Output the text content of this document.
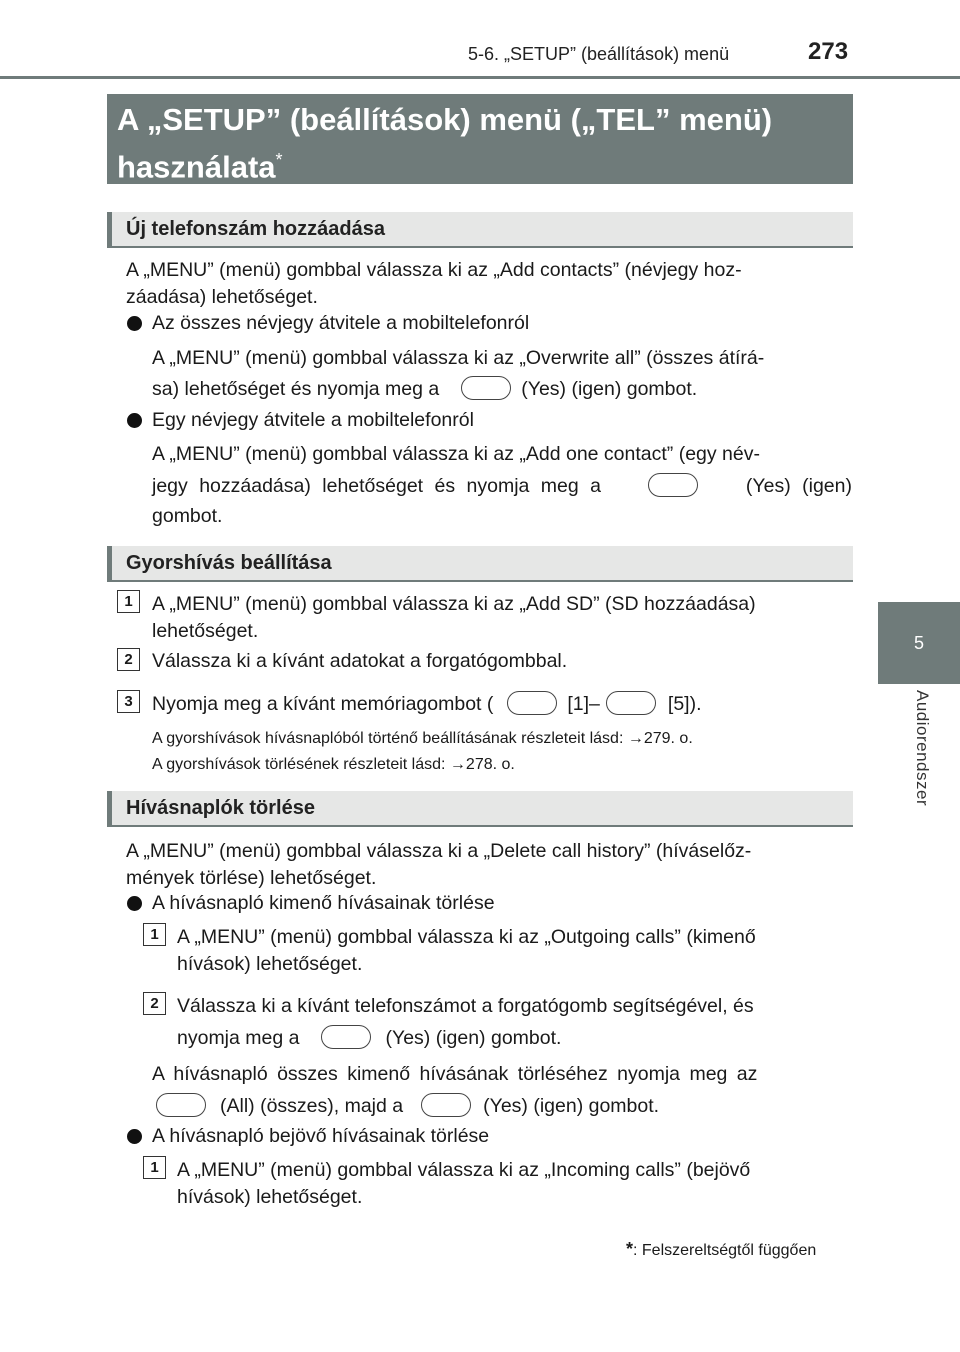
5-6. „SETUP” (beállítások) menü	273
5
Audiorendszer
A „SETUP” (beállítások) menü („TEL” menü) használata*
Új telefonszám hozzáadása
A „MENU” (menü) gombbal válassza ki az „Add contacts” (névjegy hoz-
záadása) lehetőséget.
Az összes névjegy átvitele a mobiltelefonról
A „MENU” (menü) gombbal válassza ki az „Overwrite all” (összes átírá-
sa) lehetőséget és nyomja meg a	(Yes) (igen) gombot.
Egy névjegy átvitele a mobiltelefonról
A „MENU” (menü) gombbal válassza ki az „Add one contact” (egy név-
jegy hozzáadása) lehetőséget és nyomja meg a	(Yes) (igen)
gombot.
Gyorshívás beállítása
1 A „MENU” (menü) gombbal válassza ki az „Add SD” (SD hozzáadása)
lehetőséget.
2 Válassza ki a kívánt adatokat a forgatógombbal.
3 Nyomja meg a kívánt memóriagombot (	[1]–	[5]).
A gyorshívások hívásnaplóból történő beállításának részleteit lásd: →279. o.
A gyorshívások törlésének részleteit lásd: →278. o.
Hívásnaplók törlése
A „MENU” (menü) gombbal válassza ki a „Delete call history” (híváselőz-
mények törlése) lehetőséget.
A hívásnapló kimenő hívásainak törlése
1 A „MENU” (menü) gombbal válassza ki az „Outgoing calls” (kimenő
hívások) lehetőséget.
2 Válassza ki a kívánt telefonszámot a forgatógomb segítségével, és
nyomja meg a	(Yes) (igen) gombot.
A hívásnapló összes kimenő hívásának törléséhez nyomja meg az
(All) (összes), majd a	(Yes) (igen) gombot.
A hívásnapló bejövő hívásainak törlése
1 A „MENU” (menü) gombbal válassza ki az „Incoming calls” (bejövő
hívások) lehetőséget.
*: Felszereltségtől függően
